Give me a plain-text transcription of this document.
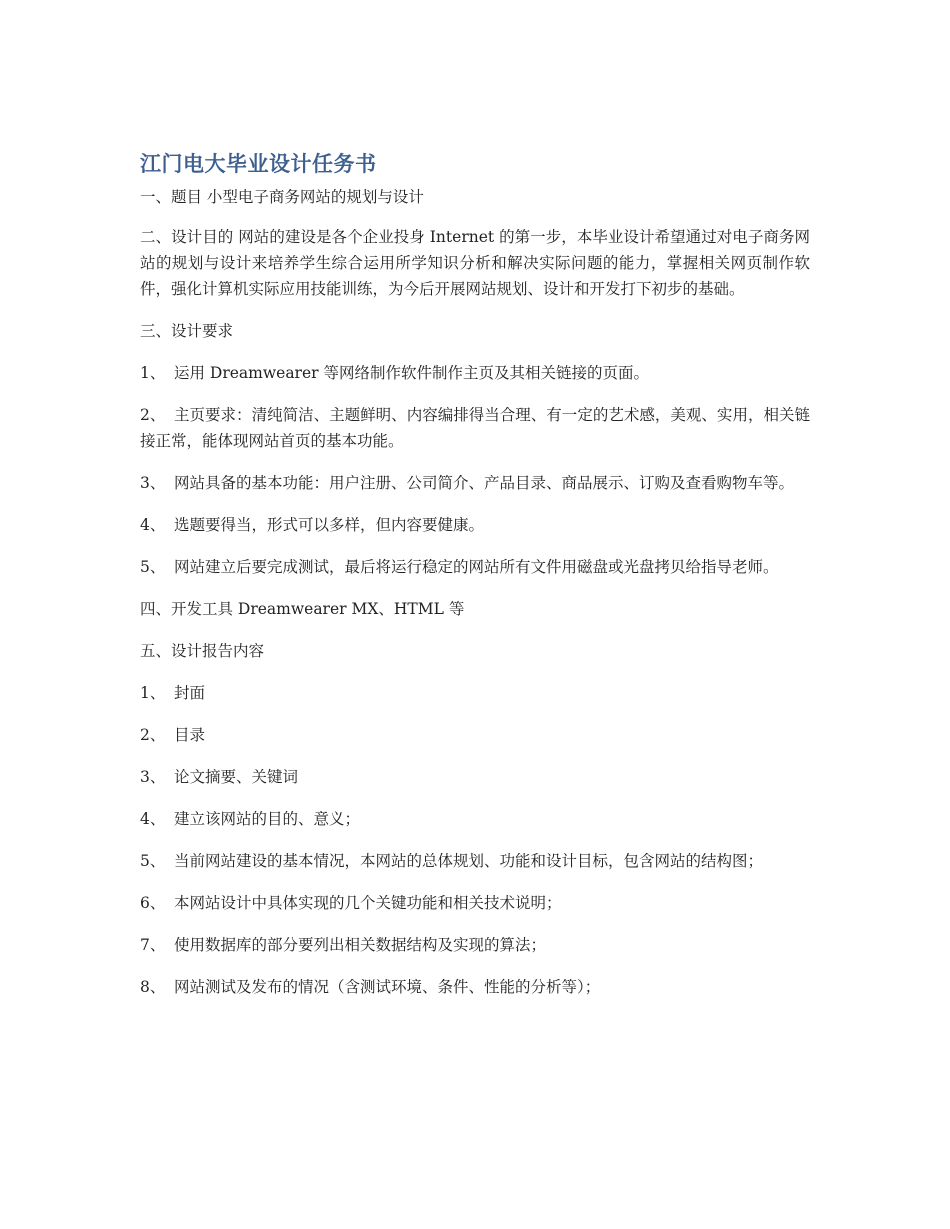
江门电大毕业设计任务书
一、题目 小型电子商务网站的规划与设计
二、设计目的 网站的建设是各个企业投身 Internet 的第一步，本毕业设计希望通过对电子商务网站的规划与设计来培养学生综合运用所学知识分析和解决实际问题的能力，掌握相关网页制作软件，强化计算机实际应用技能训练，为今后开展网站规划、设计和开发打下初步的基础。
三、设计要求
1、 运用 Dreamwearer 等网络制作软件制作主页及其相关链接的页面。
2、 主页要求：清纯简洁、主题鲜明、内容编排得当合理、有一定的艺术感，美观、实用，相关链接正常，能体现网站首页的基本功能。
3、 网站具备的基本功能：用户注册、公司简介、产品目录、商品展示、订购及查看购物车等。
4、 选题要得当，形式可以多样，但内容要健康。
5、 网站建立后要完成测试，最后将运行稳定的网站所有文件用磁盘或光盘拷贝给指导老师。
四、开发工具 Dreamwearer MX、HTML 等
五、设计报告内容
1、 封面
2、 目录
3、 论文摘要、关键词
4、 建立该网站的目的、意义；
5、 当前网站建设的基本情况，本网站的总体规划、功能和设计目标，包含网站的结构图；
6、 本网站设计中具体实现的几个关键功能和相关技术说明；
7、 使用数据库的部分要列出相关数据结构及实现的算法；
8、 网站测试及发布的情况（含测试环境、条件、性能的分析等）；
